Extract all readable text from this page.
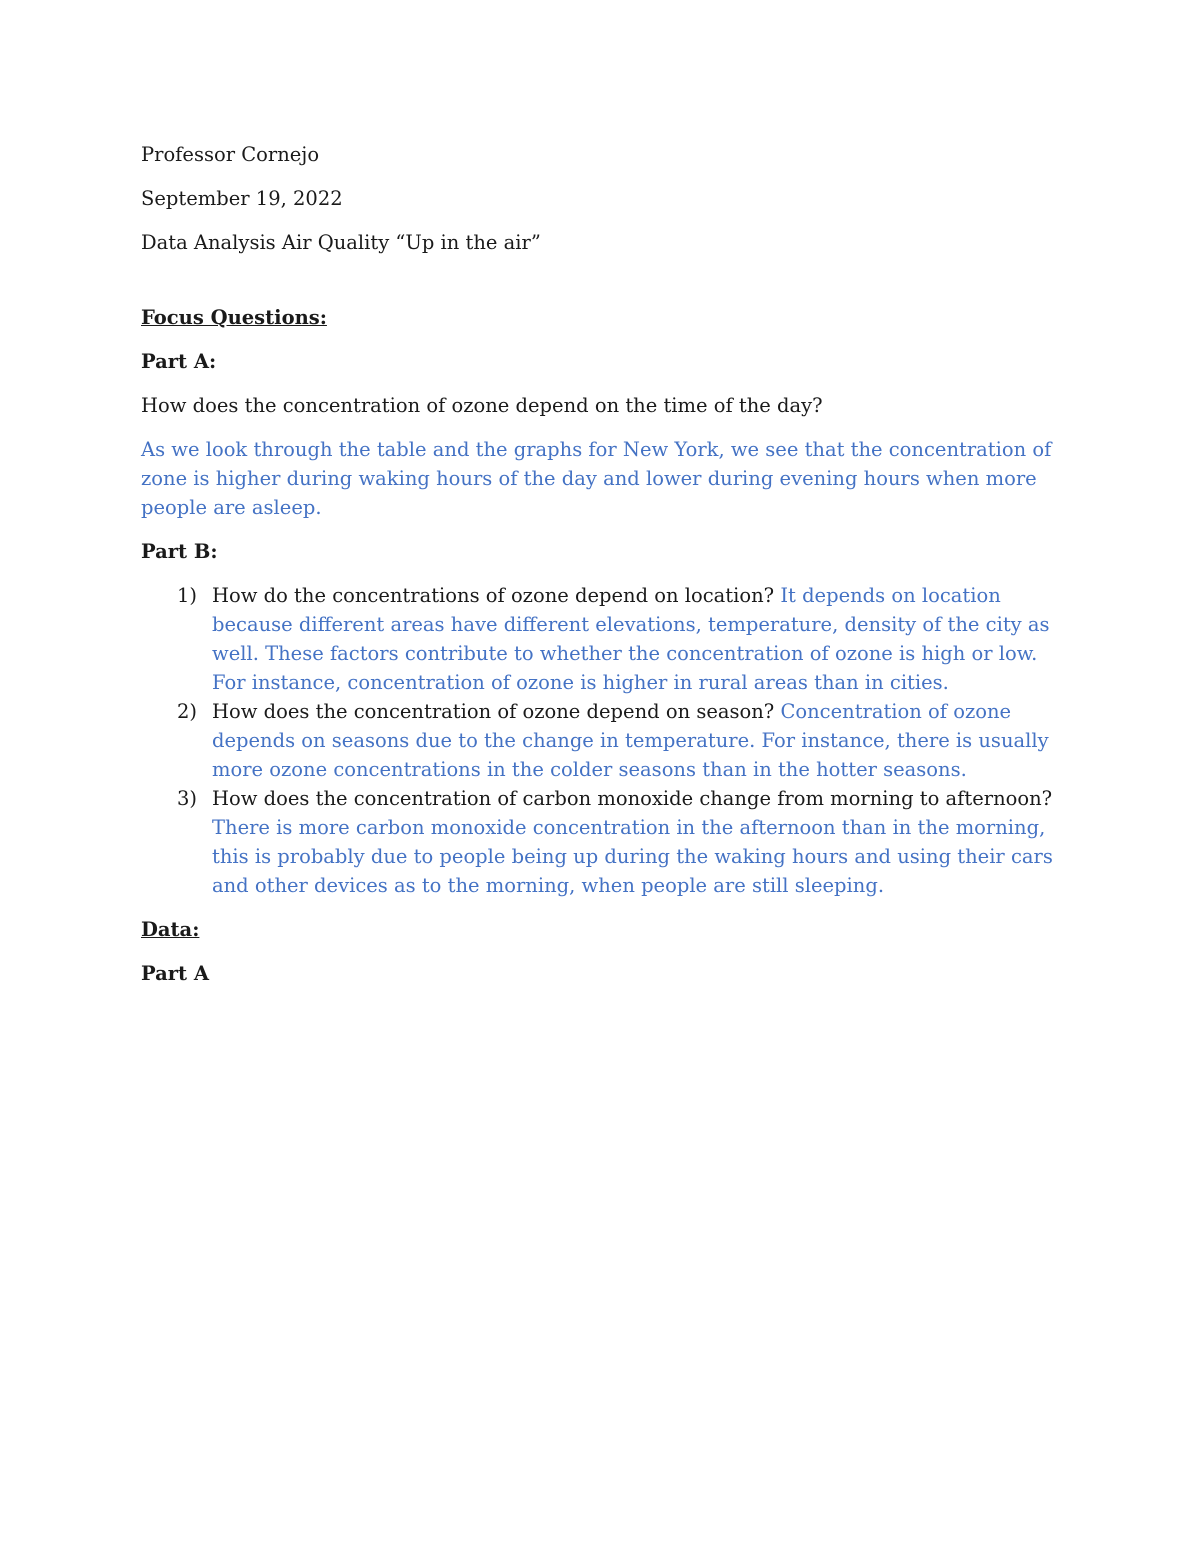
Professor Cornejo
September 19, 2022
Data Analysis Air Quality “Up in the air”
Focus Questions:
Part A:
How does the concentration of ozone depend on the time of the day?
As we look through the table and the graphs for New York, we see that the concentration of zone is higher during waking hours of the day and lower during evening hours when more people are asleep.
Part B:
1) How do the concentrations of ozone depend on location? It depends on location because different areas have different elevations, temperature, density of the city as well. These factors contribute to whether the concentration of ozone is high or low. For instance, concentration of ozone is higher in rural areas than in cities.
2) How does the concentration of ozone depend on season? Concentration of ozone depends on seasons due to the change in temperature. For instance, there is usually more ozone concentrations in the colder seasons than in the hotter seasons.
3) How does the concentration of carbon monoxide change from morning to afternoon? There is more carbon monoxide concentration in the afternoon than in the morning, this is probably due to people being up during the waking hours and using their cars and other devices as to the morning, when people are still sleeping.
Data:
Part A
